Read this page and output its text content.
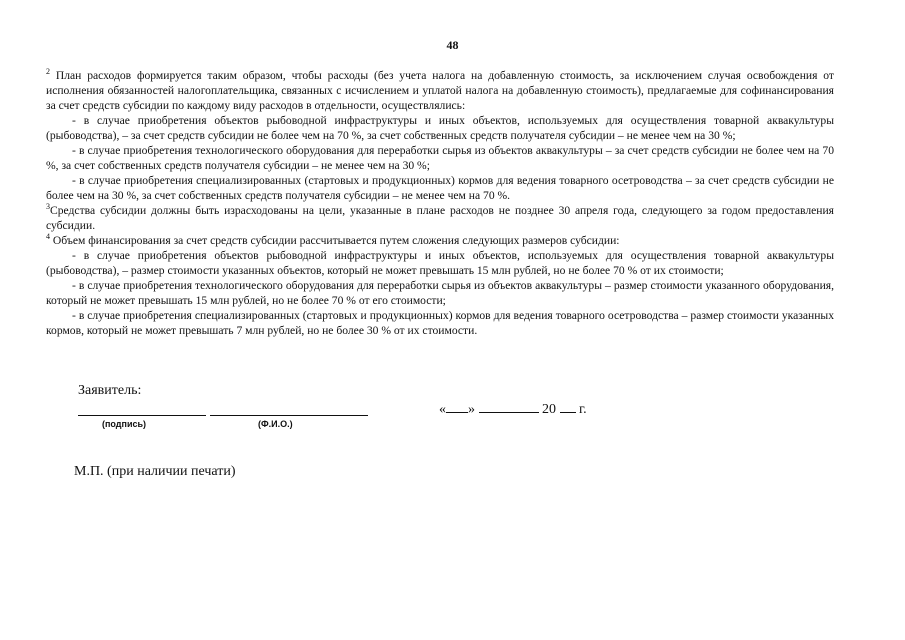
48

$^2$ План расходов формируется таким образом, чтобы расходы (без учета налога на добавленную стоимость, за исключением случая освобождения от исполнения обязанностей налогоплательщика, связанных с исчислением и уплатой налога на добавленную стоимость), предлагаемые для софинансирования за счет средств субсидии по каждому виду расходов в отдельности, осуществлялись:

- в случае приобретения объектов рыбоводной инфраструктуры и иных объектов, используемых для осуществления товарной аквакультуры (рыбоводства), – за счет средств субсидии не более чем на 70 %, за счет собственных средств получателя субсидии – не менее чем на 30 %;

- в случае приобретения технологического оборудования для переработки сырья из объектов аквакультуры – за счет средств субсидии не более чем на 70 %, за счет собственных средств получателя субсидии – не менее чем на 30 %;

- в случае приобретения специализированных (стартовых и продукционных) кормов для ведения товарного осетроводства – за счет средств субсидии не более чем на 30 %, за счет собственных средств получателя субсидии – не менее чем на 70 %.

$^3$Средства субсидии должны быть израсходованы на цели, указанные в плане расходов не позднее 30 апреля года, следующего за годом предоставления субсидии.

$^4$ Объем финансирования за счет средств субсидии рассчитывается путем сложения следующих размеров субсидии:

- в случае приобретения объектов рыбоводной инфраструктуры и иных объектов, используемых для осуществления товарной аквакультуры (рыбоводства), – размер стоимости указанных объектов, который не может превышать 15 млн рублей, но не более 70 % от их стоимости;

- в случае приобретения технологического оборудования для переработки сырья из объектов аквакультуры – размер стоимости указанного оборудования, который не может превышать 15 млн рублей, но не более 70 % от его стоимости;

- в случае приобретения специализированных (стартовых и продукционных) кормов для ведения товарного осетроводства – размер стоимости указанных кормов, который не может превышать 7 млн рублей, но не более 30 % от их стоимости.

Заявитель:
(подпись)	(Ф.И.О.)
« »	20 г.
М.П. (при наличии печати)
